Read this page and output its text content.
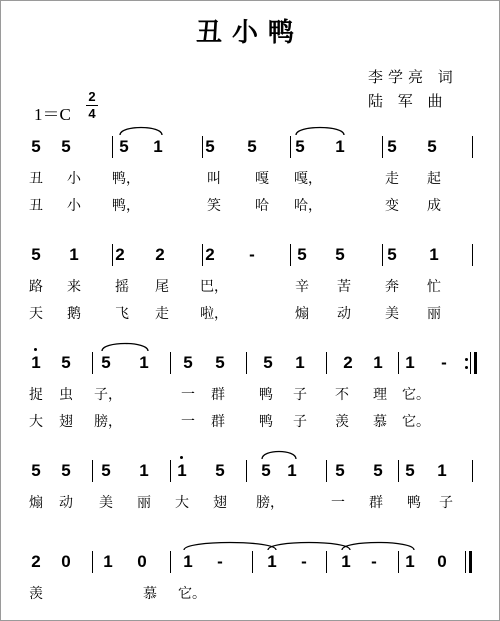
丑小鸭
李学亮 词
陆 军 曲
1＝C
2
4
5 5	5 1	5 5 5 1	5 5
丑 小 鸭，	叫 嘎 嘎，	走 起
丑 小 鸭，	笑 哈 哈，	变 成
5 1 2 2 2	-	5 5	5 1
路 来 摇 尾 巴，	辛 苦 奔 忙
天 鹅 飞 走 啦，	煽 动 美 丽
1 5 5 1 5 5 5 1 2 1 1	-
捉 虫 子，	一 群 鸭 子 不 理 它。
大 翅 膀，	一 群 鸭 子 羡 慕 它。
5 5 5 1 1 5 5 1 5 5 5 1
煽 动 美 丽 大 翅 膀，	一 群 鸭 子
2 0 1 0 1	-	1	-	1	-	1 0
羡	慕 它。
